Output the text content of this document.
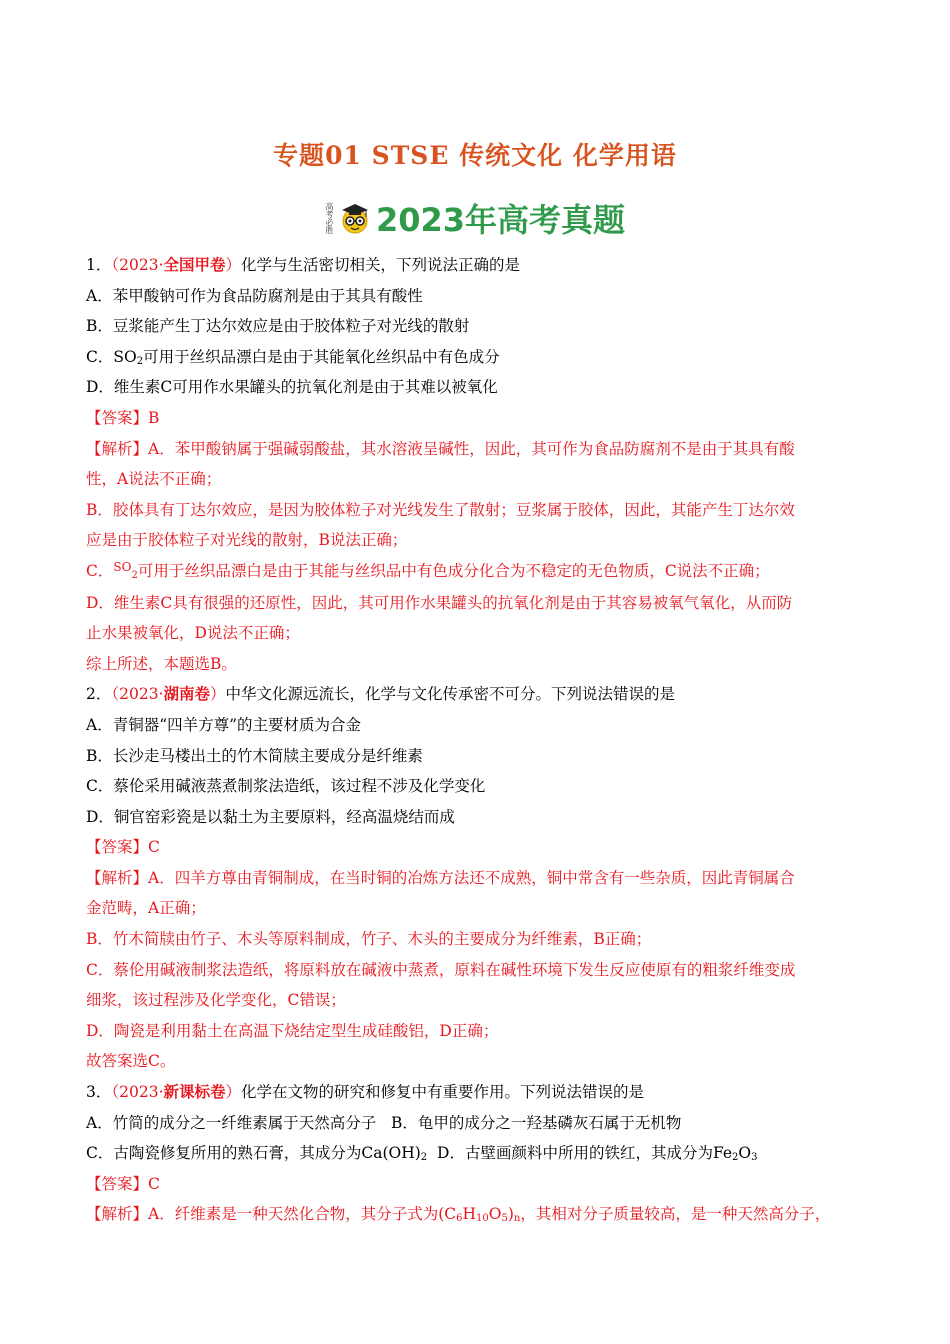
专题01 STSE 传统文化 化学用语
高考必胜 2023年高考真题
1．（2023·全国甲卷）化学与生活密切相关，下列说法正确的是
A．苯甲酸钠可作为食品防腐剂是由于其具有酸性
B．豆浆能产生丁达尔效应是由于胶体粒子对光线的散射
C．$SO_2$可用于丝织品漂白是由于其能氧化丝织品中有色成分
D．维生素C可用作水果罐头的抗氧化剂是由于其难以被氧化
【答案】B
【解析】A．苯甲酸钠属于强碱弱酸盐，其水溶液呈碱性，因此，其可作为食品防腐剂不是由于其具有酸
性，A说法不正确；
B．胶体具有丁达尔效应，是因为胶体粒子对光线发生了散射；豆浆属于胶体，因此，其能产生丁达尔效
应是由于胶体粒子对光线的散射，B说法正确；
C．$^{SO}_2$可用于丝织品漂白是由于其能与丝织品中有色成分化合为不稳定的无色物质，C说法不正确；
D．维生素C具有很强的还原性，因此，其可用作水果罐头的抗氧化剂是由于其容易被氧气氧化，从而防
止水果被氧化，D说法不正确；
综上所述，本题选B。
2．（2023·湖南卷）中华文化源远流长，化学与文化传承密不可分。下列说法错误的是
A．青铜器“四羊方尊”的主要材质为合金
B．长沙走马楼出土的竹木简牍主要成分是纤维素
C．蔡伦采用碱液蒸煮制浆法造纸，该过程不涉及化学变化
D．铜官窑彩瓷是以黏土为主要原料，经高温烧结而成
【答案】C
【解析】A．四羊方尊由青铜制成，在当时铜的冶炼方法还不成熟，铜中常含有一些杂质，因此青铜属合
金范畴，A正确；
B．竹木简牍由竹子、木头等原料制成，竹子、木头的主要成分为纤维素，B正确；
C．蔡伦用碱液制浆法造纸，将原料放在碱液中蒸煮，原料在碱性环境下发生反应使原有的粗浆纤维变成
细浆，该过程涉及化学变化，C错误；
D．陶瓷是利用黏土在高温下烧结定型生成硅酸铝，D正确；
故答案选C。
3．（2023·新课标卷）化学在文物的研究和修复中有重要作用。下列说法错误的是
A．竹简的成分之一纤维素属于天然高分子 B．龟甲的成分之一羟基磷灰石属于无机物
C．古陶瓷修复所用的熟石膏，其成分为$Ca(OH)_2$ D．古壁画颜料中所用的铁红，其成分为$Fe_2O_3$
【答案】C
【解析】A．纤维素是一种天然化合物，其分子式为$(C_6H_{10}O_5)_n$，其相对分子质量较高，是一种天然高分子，
